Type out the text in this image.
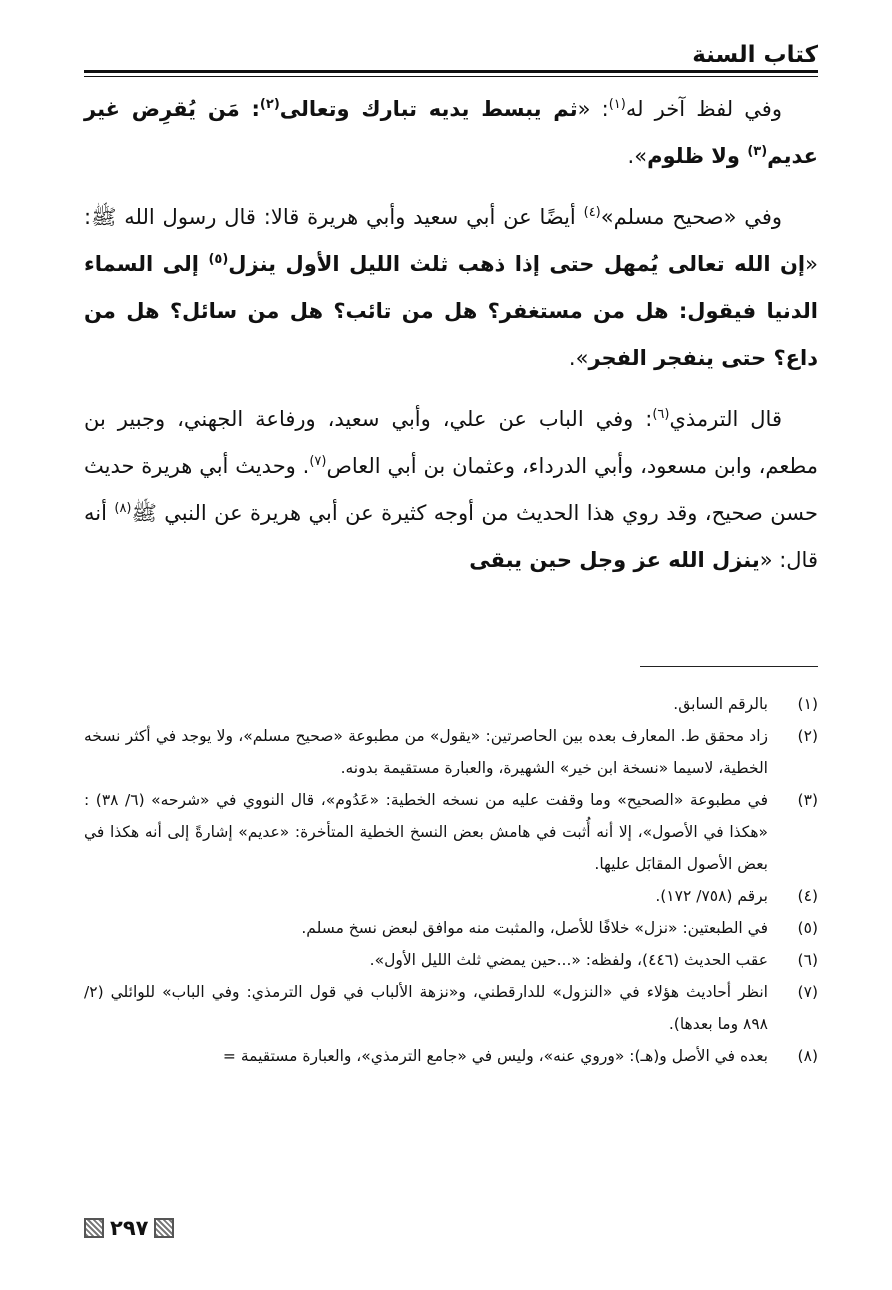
كتاب السنة

وفي لفظ آخر له$^{(١)}$: «ثم يبسط يديه تبارك وتعالى$^{(٢)}$: مَن يُقرِض غير عديم$^{(٣)}$ ولا ظلوم».

وفي «صحيح مسلم»$^{(٤)}$ أيضًا عن أبي سعيد وأبي هريرة قالا: قال رسول الله ﷺ: «إن الله تعالى يُمهل حتى إذا ذهب ثلث الليل الأول ينزل$^{(٥)}$ إلى السماء الدنيا فيقول: هل من مستغفر؟ هل من تائب؟ هل من سائل؟ هل من داع؟ حتى ينفجر الفجر».

قال الترمذي$^{(٦)}$: وفي الباب عن علي، وأبي سعيد، ورفاعة الجهني، وجبير بن مطعم، وابن مسعود، وأبي الدرداء، وعثمان بن أبي العاص$^{(٧)}$. وحديث أبي هريرة حديث حسن صحيح، وقد روي هذا الحديث من أوجه كثيرة عن أبي هريرة عن النبي ﷺ$^{(٨)}$ أنه قال: «ينزل الله عز وجل حين يبقى

(١)
بالرقم السابق.
(٢)
زاد محقق ط. المعارف بعده بين الحاصرتين: «يقول» من مطبوعة «صحيح مسلم»، ولا يوجد في أكثر نسخه الخطية، لاسيما «نسخة ابن خير» الشهيرة، والعبارة مستقيمة بدونه.
(٣)
في مطبوعة «الصحيح» وما وقفت عليه من نسخه الخطية: «عَدُوم»، قال النووي في «شرحه» (٦/ ٣٨) : «هكذا في الأصول»، إلا أنه أُثبت في هامش بعض النسخ الخطية المتأخرة: «عديم» إشارةً إلى أنه هكذا في بعض الأصول المقابَل عليها.
(٤)
برقم (٧٥٨/ ١٧٢).
(٥)
في الطبعتين: «نزل» خلافًا للأصل، والمثبت منه موافق لبعض نسخ مسلم.
(٦)
عقب الحديث (٤٤٦)، ولفظه: «...حين يمضي ثلث الليل الأول».
(٧)
انظر أحاديث هؤلاء في «النزول» للدارقطني، و«نزهة الألباب في قول الترمذي: وفي الباب» للوائلي (٢/ ٨٩٨ وما بعدها).
(٨)
بعده في الأصل و(هـ): «وروي عنه»، وليس في «جامع الترمذي»، والعبارة مستقيمة =
٢٩٧
